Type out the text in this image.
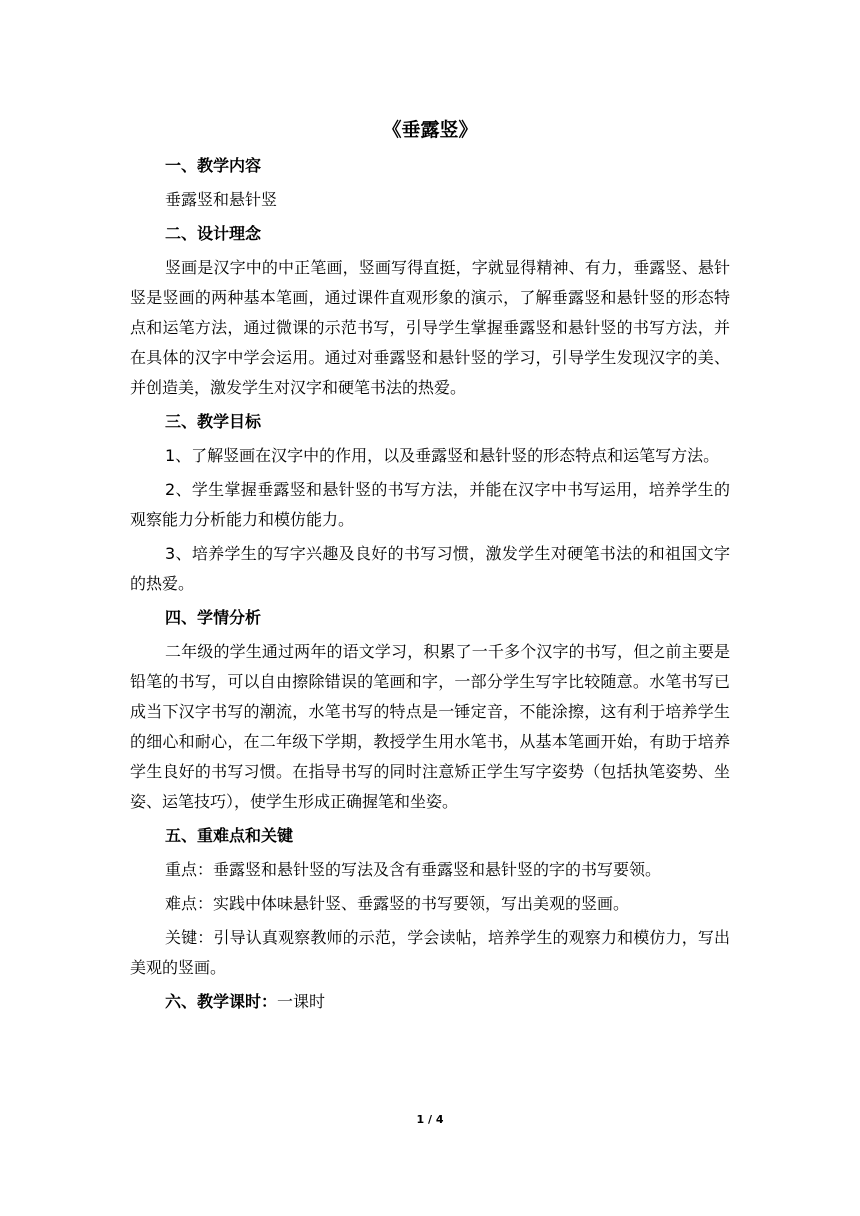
《垂露竖》
一、教学内容
垂露竖和悬针竖
二、设计理念
竖画是汉字中的中正笔画，竖画写得直挺，字就显得精神、有力，垂露竖、悬针竖是竖画的两种基本笔画，通过课件直观形象的演示，了解垂露竖和悬针竖的形态特点和运笔方法，通过微课的示范书写，引导学生掌握垂露竖和悬针竖的书写方法，并在具体的汉字中学会运用。通过对垂露竖和悬针竖的学习，引导学生发现汉字的美、并创造美，激发学生对汉字和硬笔书法的热爱。
三、教学目标
1、了解竖画在汉字中的作用，以及垂露竖和悬针竖的形态特点和运笔写方法。
2、学生掌握垂露竖和悬针竖的书写方法，并能在汉字中书写运用，培养学生的观察能力分析能力和模仿能力。
3、培养学生的写字兴趣及良好的书写习惯，激发学生对硬笔书法的和祖国文字的热爱。
四、学情分析
二年级的学生通过两年的语文学习，积累了一千多个汉字的书写，但之前主要是铅笔的书写，可以自由擦除错误的笔画和字，一部分学生写字比较随意。水笔书写已成当下汉字书写的潮流，水笔书写的特点是一锤定音，不能涂擦，这有利于培养学生的细心和耐心，在二年级下学期，教授学生用水笔书，从基本笔画开始，有助于培养学生良好的书写习惯。在指导书写的同时注意矫正学生写字姿势（包括执笔姿势、坐姿、运笔技巧），使学生形成正确握笔和坐姿。
五、重难点和关键
重点：垂露竖和悬针竖的写法及含有垂露竖和悬针竖的字的书写要领。
难点：实践中体味悬针竖、垂露竖的书写要领，写出美观的竖画。
关键：引导认真观察教师的示范，学会读帖，培养学生的观察力和模仿力，写出美观的竖画。
六、教学课时：一课时
1 / 4
